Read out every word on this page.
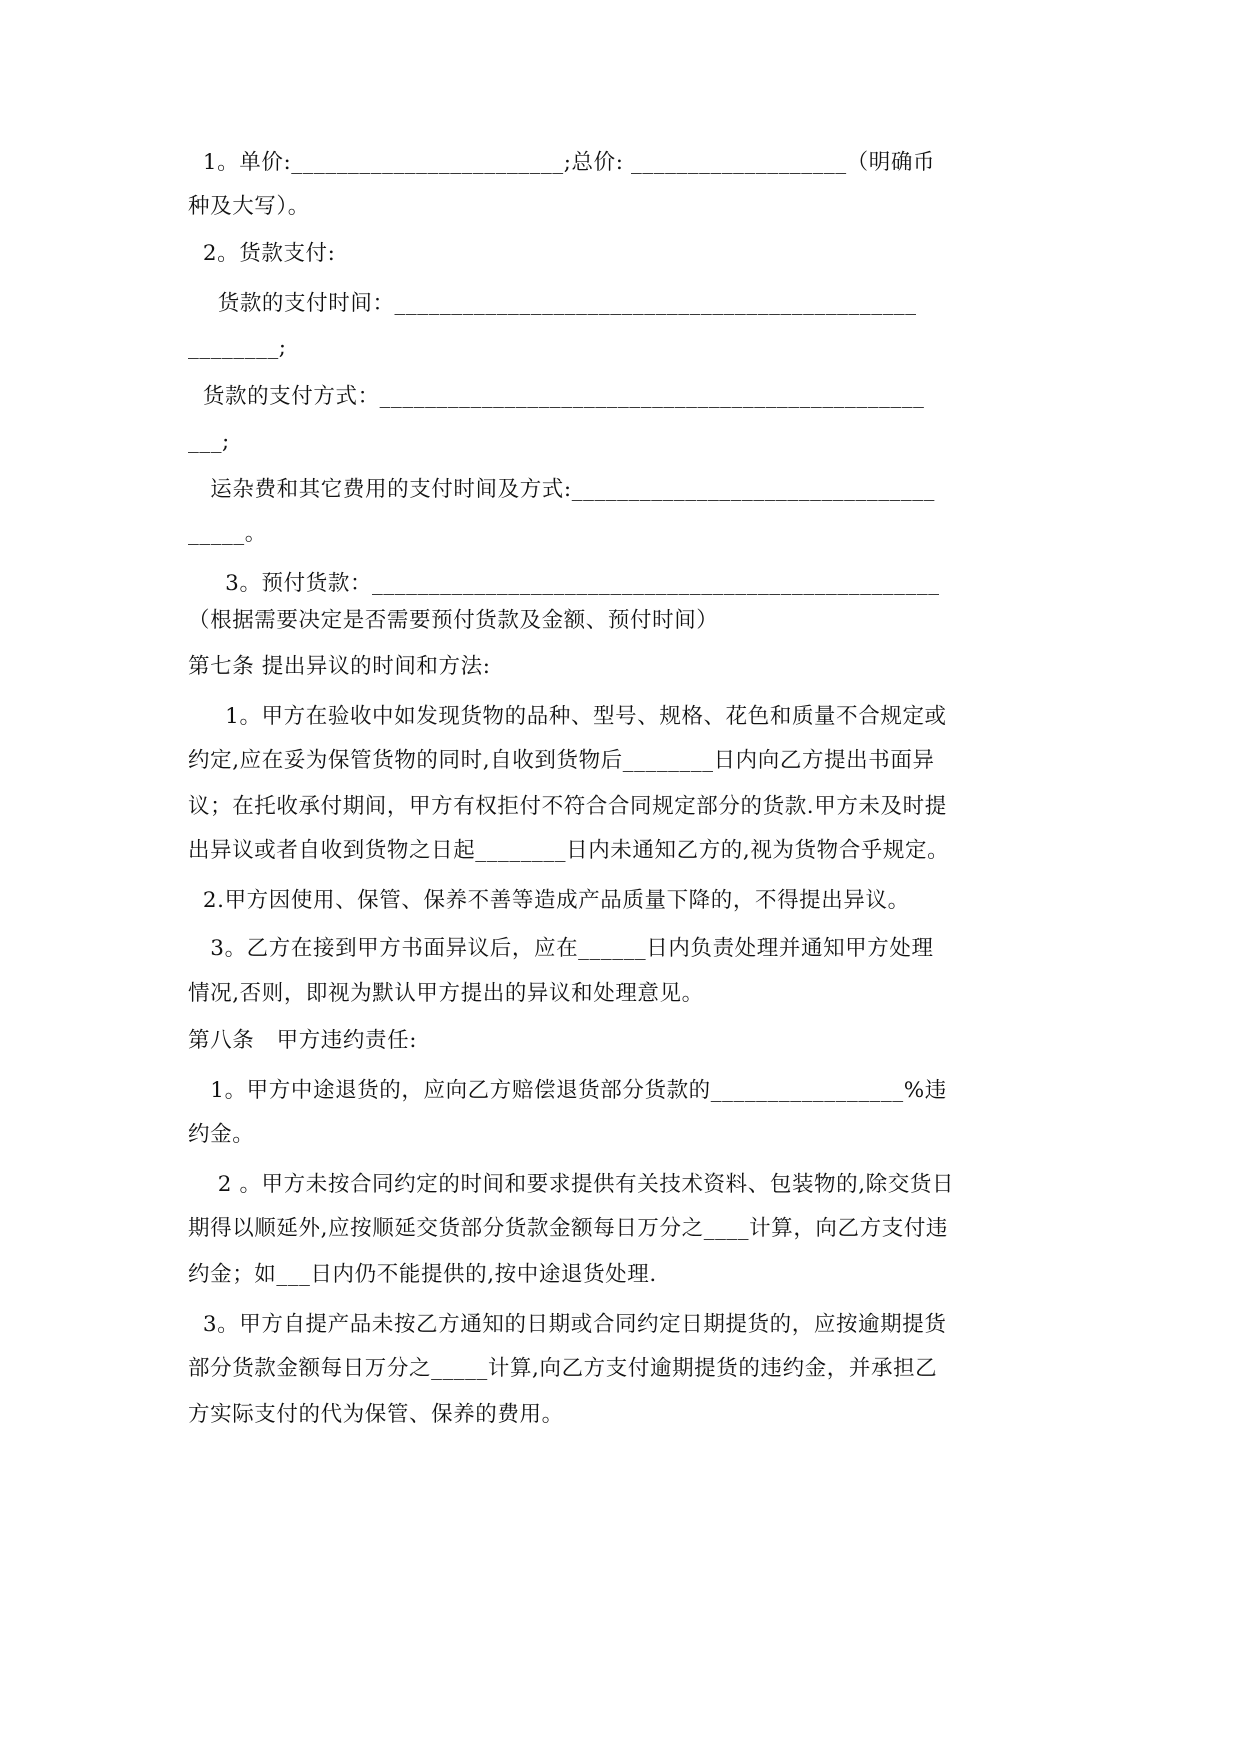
1。单价:________________________;总价: ___________________（明确币
种及大写）。
2。货款支付:
货款的支付时间：______________________________________________
________;
货款的支付方式：________________________________________________
___;
运杂费和其它费用的支付时间及方式:________________________________
_____。
3。预付货款：__________________________________________________
（根据需要决定是否需要预付货款及金额、预付时间）
第七条 提出异议的时间和方法:
1。甲方在验收中如发现货物的品种、型号、规格、花色和质量不合规定或
约定,应在妥为保管货物的同时,自收到货物后________日内向乙方提出书面异
议；在托收承付期间，甲方有权拒付不符合合同规定部分的货款.甲方未及时提
出异议或者自收到货物之日起________日内未通知乙方的,视为货物合乎规定。
2.甲方因使用、保管、保养不善等造成产品质量下降的，不得提出异议。
3。乙方在接到甲方书面异议后，应在______日内负责处理并通知甲方处理
情况,否则，即视为默认甲方提出的异议和处理意见。
第八条   甲方违约责任:
1。甲方中途退货的，应向乙方赔偿退货部分货款的_________________%违
约金。
2 。甲方未按合同约定的时间和要求提供有关技术资料、包装物的,除交货日
期得以顺延外,应按顺延交货部分货款金额每日万分之____计算，向乙方支付违
约金；如___日内仍不能提供的,按中途退货处理.
3。甲方自提产品未按乙方通知的日期或合同约定日期提货的，应按逾期提货
部分货款金额每日万分之_____计算,向乙方支付逾期提货的违约金，并承担乙
方实际支付的代为保管、保养的费用。
